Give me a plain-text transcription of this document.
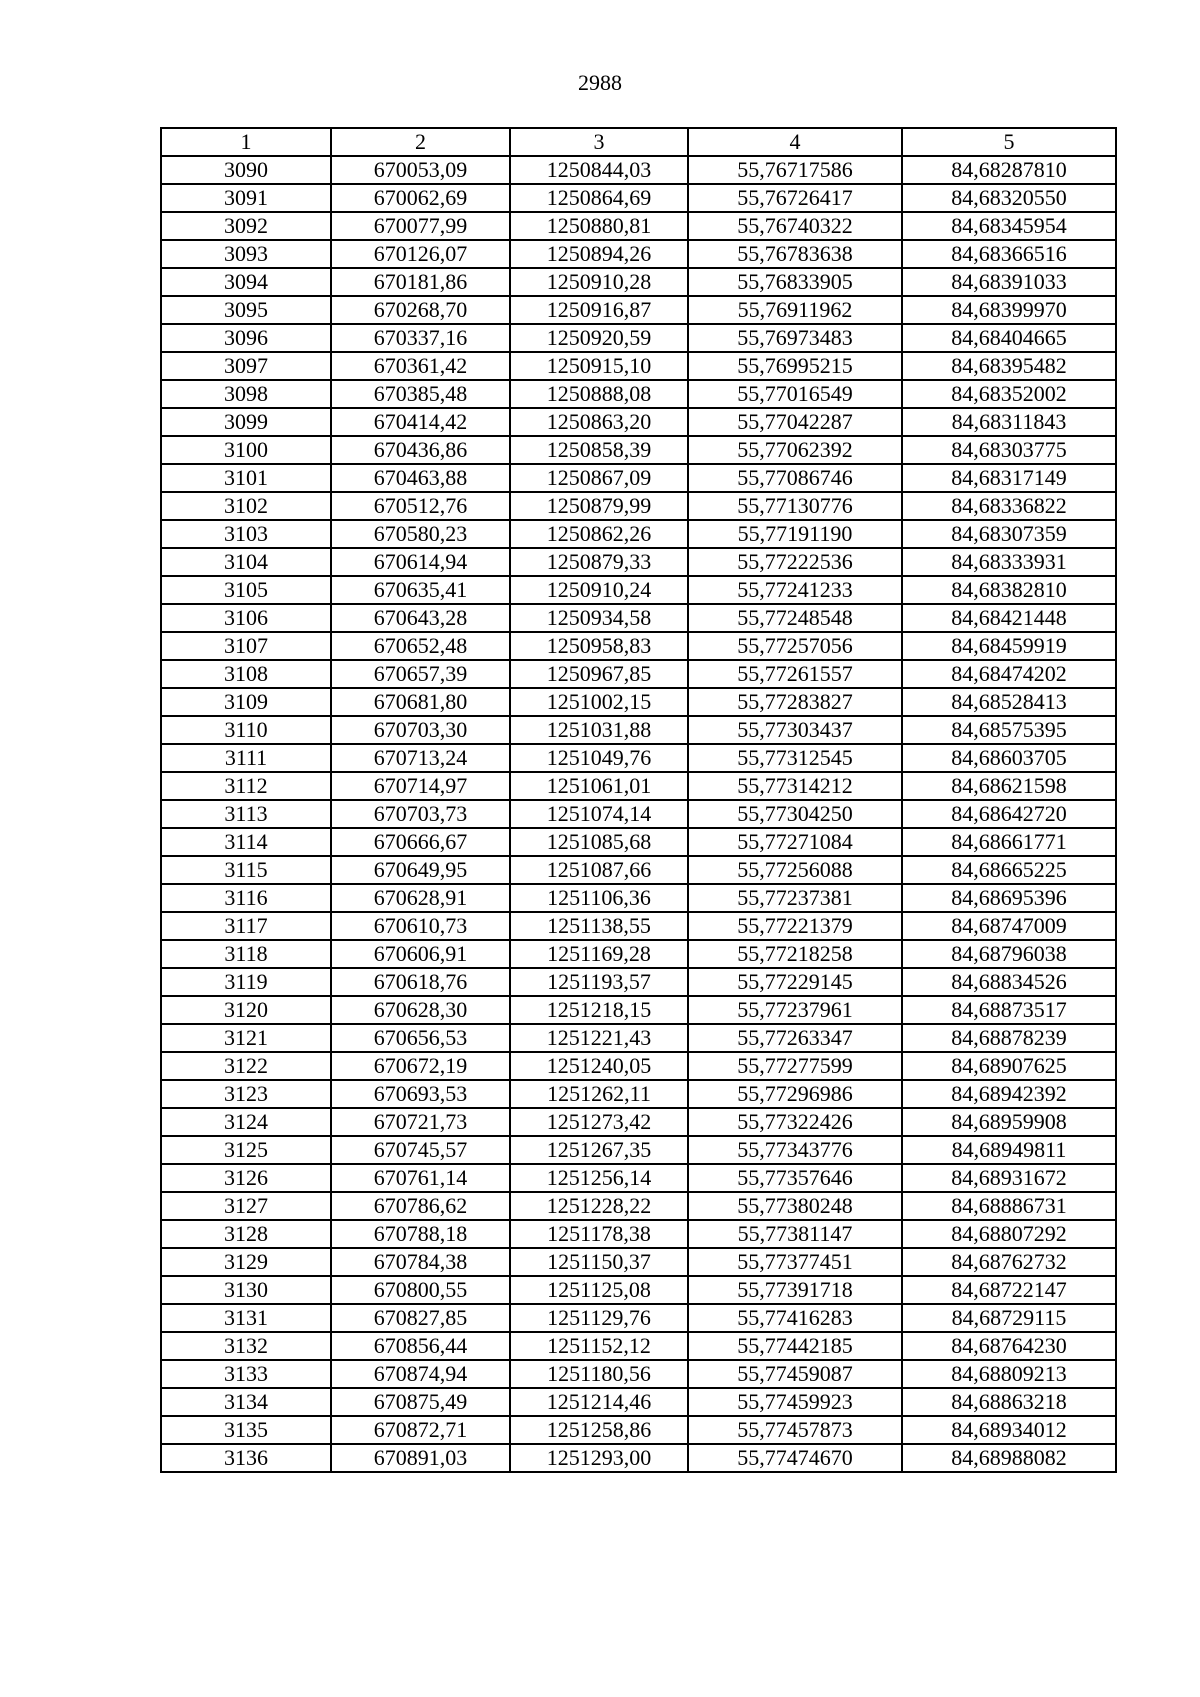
2988
1	2	3	4	5
3090	670053,09	1250844,03	55,76717586	84,68287810
3091	670062,69	1250864,69	55,76726417	84,68320550
3092	670077,99	1250880,81	55,76740322	84,68345954
3093	670126,07	1250894,26	55,76783638	84,68366516
3094	670181,86	1250910,28	55,76833905	84,68391033
3095	670268,70	1250916,87	55,76911962	84,68399970
3096	670337,16	1250920,59	55,76973483	84,68404665
3097	670361,42	1250915,10	55,76995215	84,68395482
3098	670385,48	1250888,08	55,77016549	84,68352002
3099	670414,42	1250863,20	55,77042287	84,68311843
3100	670436,86	1250858,39	55,77062392	84,68303775
3101	670463,88	1250867,09	55,77086746	84,68317149
3102	670512,76	1250879,99	55,77130776	84,68336822
3103	670580,23	1250862,26	55,77191190	84,68307359
3104	670614,94	1250879,33	55,77222536	84,68333931
3105	670635,41	1250910,24	55,77241233	84,68382810
3106	670643,28	1250934,58	55,77248548	84,68421448
3107	670652,48	1250958,83	55,77257056	84,68459919
3108	670657,39	1250967,85	55,77261557	84,68474202
3109	670681,80	1251002,15	55,77283827	84,68528413
3110	670703,30	1251031,88	55,77303437	84,68575395
3111	670713,24	1251049,76	55,77312545	84,68603705
3112	670714,97	1251061,01	55,77314212	84,68621598
3113	670703,73	1251074,14	55,77304250	84,68642720
3114	670666,67	1251085,68	55,77271084	84,68661771
3115	670649,95	1251087,66	55,77256088	84,68665225
3116	670628,91	1251106,36	55,77237381	84,68695396
3117	670610,73	1251138,55	55,77221379	84,68747009
3118	670606,91	1251169,28	55,77218258	84,68796038
3119	670618,76	1251193,57	55,77229145	84,68834526
3120	670628,30	1251218,15	55,77237961	84,68873517
3121	670656,53	1251221,43	55,77263347	84,68878239
3122	670672,19	1251240,05	55,77277599	84,68907625
3123	670693,53	1251262,11	55,77296986	84,68942392
3124	670721,73	1251273,42	55,77322426	84,68959908
3125	670745,57	1251267,35	55,77343776	84,68949811
3126	670761,14	1251256,14	55,77357646	84,68931672
3127	670786,62	1251228,22	55,77380248	84,68886731
3128	670788,18	1251178,38	55,77381147	84,68807292
3129	670784,38	1251150,37	55,77377451	84,68762732
3130	670800,55	1251125,08	55,77391718	84,68722147
3131	670827,85	1251129,76	55,77416283	84,68729115
3132	670856,44	1251152,12	55,77442185	84,68764230
3133	670874,94	1251180,56	55,77459087	84,68809213
3134	670875,49	1251214,46	55,77459923	84,68863218
3135	670872,71	1251258,86	55,77457873	84,68934012
3136	670891,03	1251293,00	55,77474670	84,68988082
